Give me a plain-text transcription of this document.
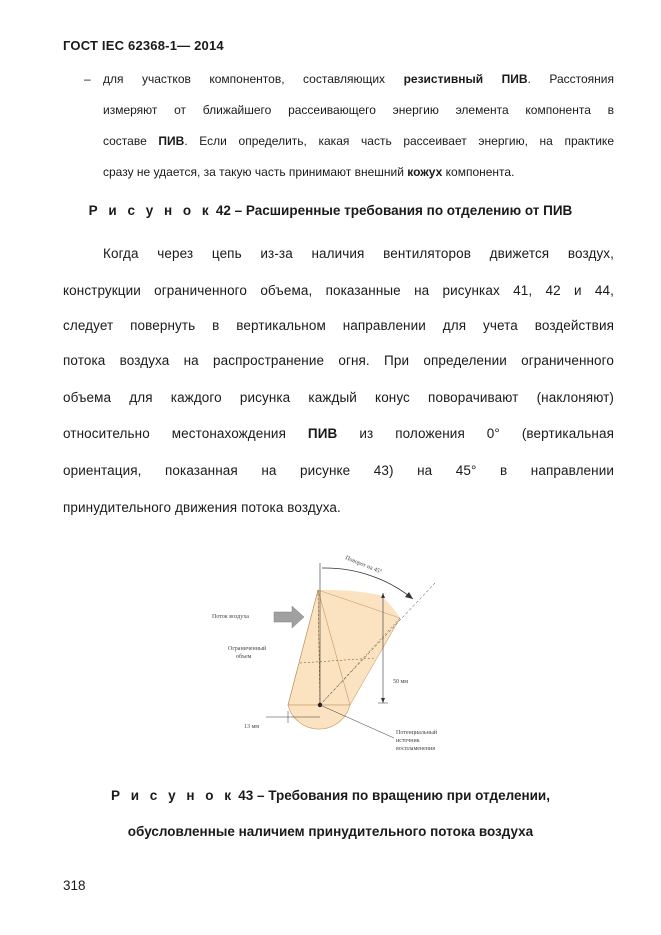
ГОСТ IEC 62368-1— 2014
– для участков компонентов, составляющих резистивный ПИВ. Расстояния
измеряют от ближайшего рассеивающего энергию элемента компонента в
составе ПИВ. Если определить, какая часть рассеивает энергию, на практике
сразу не удается, за такую часть принимают внешний кожух компонента.
Р и с у н о к 42 – Расширенные требования по отделению от ПИВ
Когда через цепь из-за наличия вентиляторов движется воздух,
конструкции ограниченного объема, показанные на рисунках 41, 42 и 44,
следует повернуть в вертикальном направлении для учета воздействия
потока воздуха на распространение огня. При определении ограниченного
объема для каждого рисунка каждый конус поворачивают (наклоняют)
относительно местонахождения ПИВ из положения 0° (вертикальная
ориентация, показанная на рисунке 43) на 45° в направлении
принудительного движения потока воздуха.
Поворот на 45°
Поток воздуха
Ограниченный
объем
50 мм
13 мм
Потенциальный
источник
воспламенения
Р и с у н о к 43 – Требования по вращению при отделении,
обусловленные наличием принудительного потока воздуха
318
